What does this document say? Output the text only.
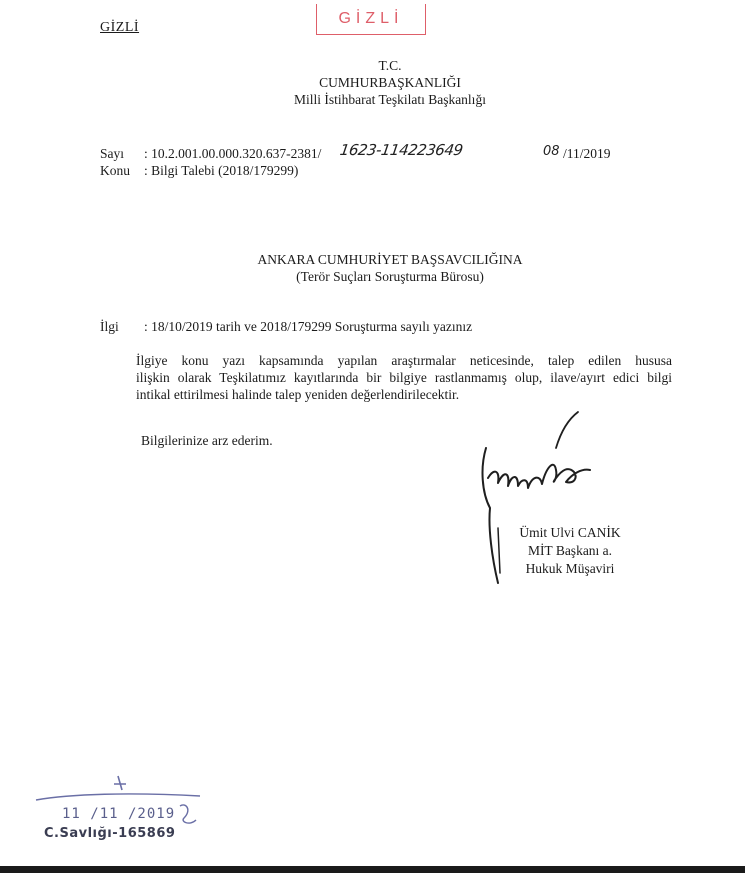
GİZLİ
GİZLİ
T.C.
CUMHURBAŞKANLIĞI
Milli İstihbarat Teşkilatı Başkanlığı
Sayı : 10.2.001.00.000.320.637-2381/ 1623-114223649	08 /11/2019
Konu : Bilgi Talebi (2018/179299)
ANKARA CUMHURİYET BAŞSAVCILIĞINA
(Terör Suçları Soruşturma Bürosu)
İlgi : 18/10/2019 tarih ve 2018/179299 Soruşturma sayılı yazınız
İlgiye konu yazı kapsamında yapılan araştırmalar neticesinde, talep edilen hususa
ilişkin olarak Teşkilatımız kayıtlarında bir bilgiye rastlanmamış olup, ilave/ayırt edici bilgi
intikal ettirilmesi halinde talep yeniden değerlendirilecektir.
Bilgilerinize arz ederim.
Ümit Ulvi CANİK
MİT Başkanı a.
Hukuk Müşaviri
11 /11 /2019
C.Savlığı-165869
